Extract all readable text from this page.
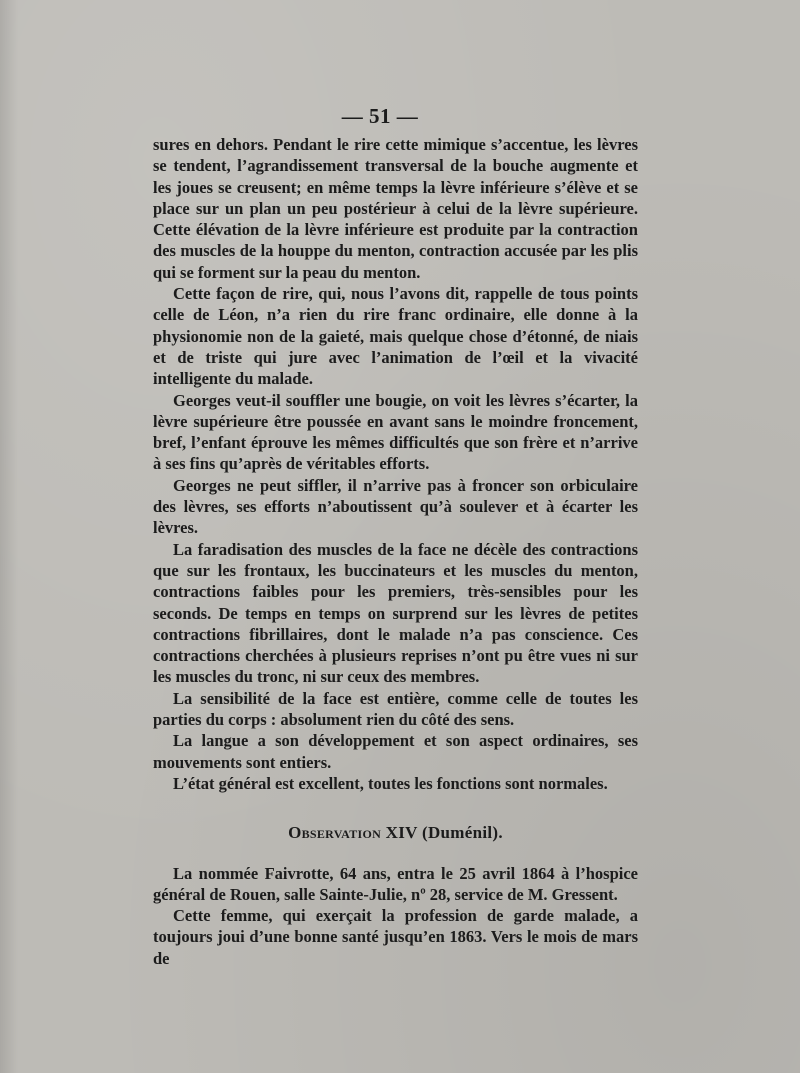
— 51 —

sures en dehors. Pendant le rire cette mimique s’accentue, les lèvres se tendent, l’agrandissement transversal de la bouche augmente et les joues se creusent; en même temps la lèvre inférieure s’élève et se place sur un plan un peu postérieur à celui de la lèvre supérieure. Cette élévation de la lèvre inférieure est produite par la contraction des muscles de la houppe du menton, contraction accusée par les plis qui se forment sur la peau du menton.

Cette façon de rire, qui, nous l’avons dit, rappelle de tous points celle de Léon, n’a rien du rire franc ordinaire, elle donne à la physionomie non de la gaieté, mais quelque chose d’étonné, de niais et de triste qui jure avec l’animation de l’œil et la vivacité intelligente du malade.

Georges veut-il souffler une bougie, on voit les lèvres s’écarter, la lèvre supérieure être poussée en avant sans le moindre froncement, bref, l’enfant éprouve les mêmes difficultés que son frère et n’arrive à ses fins qu’après de véritables efforts.

Georges ne peut siffler, il n’arrive pas à froncer son orbiculaire des lèvres, ses efforts n’aboutissent qu’à soulever et à écarter les lèvres.

La faradisation des muscles de la face ne décèle des contractions que sur les frontaux, les buccinateurs et les muscles du menton, contractions faibles pour les premiers, très-sensibles pour les seconds. De temps en temps on surprend sur les lèvres de petites contractions fibrillaires, dont le malade n’a pas conscience. Ces contractions cherchées à plusieurs reprises n’ont pu être vues ni sur les muscles du tronc, ni sur ceux des membres.

La sensibilité de la face est entière, comme celle de toutes les parties du corps : absolument rien du côté des sens.

La langue a son développement et son aspect ordinaires, ses mouvements sont entiers.

L’état général est excellent, toutes les fonctions sont normales.

Observation XIV (Duménil).

La nommée Faivrotte, 64 ans, entra le 25 avril 1864 à l’hospice général de Rouen, salle Sainte-Julie, nº 28, service de M. Gressent.

Cette femme, qui exerçait la profession de garde malade, a toujours joui d’une bonne santé jusqu’en 1863. Vers le mois de mars de
